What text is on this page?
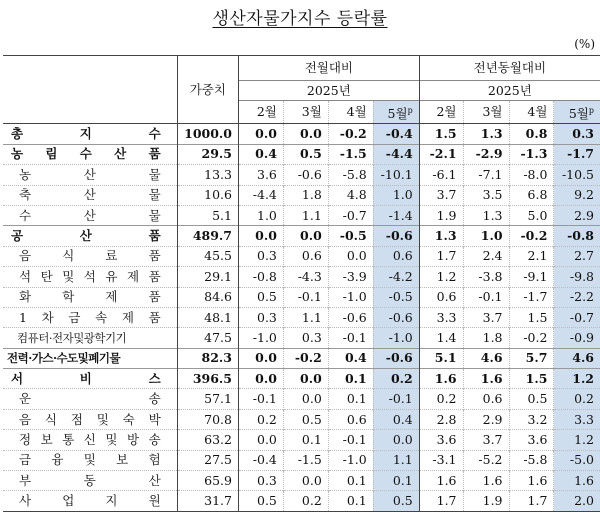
생산자물가지수 등락률
(%)
	가중치	전월대비				전년동월대비			
		2025년				2025년			
		2월	3월	4월	5월$^p$	2월	3월	4월	5월$^p$
총 지 수	1000.0	0.0	0.0	-0.2	-0.4	1.5	1.3	0.8	0.3
농 림 수 산 품	29.5	0.4	0.5	-1.5	-4.4	-2.1	-2.9	-1.3	-1.7
농 산 물	13.3	3.6	-0.6	-5.8	-10.1	-6.1	-7.1	-8.0	-10.5
축 산 물	10.6	-4.4	1.8	4.8	1.0	3.7	3.5	6.8	9.2
수 산 물	5.1	1.0	1.1	-0.7	-1.4	1.9	1.3	5.0	2.9
공 산 품	489.7	0.0	0.0	-0.5	-0.6	1.3	1.0	-0.2	-0.8
음 식 료 품	45.5	0.3	0.6	0.0	0.6	1.7	2.4	2.1	2.7
석 탄 및 석 유 제 품	29.1	-0.8	-4.3	-3.9	-4.2	1.2	-3.8	-9.1	-9.8
화 학 제 품	84.6	0.5	-0.1	-1.0	-0.5	0.6	-0.1	-1.7	-2.2
1 차 금 속 제 품	48.1	0.3	1.1	-0.6	-0.6	3.3	3.7	1.5	-0.7
컴퓨터·전자및광학기기	47.5	-1.0	0.3	-0.1	-1.0	1.4	1.8	-0.2	-0.9
전력·가스·수도및폐기물	82.3	0.0	-0.2	0.4	-0.6	5.1	4.6	5.7	4.6
서 비 스	396.5	0.0	0.0	0.1	0.2	1.6	1.6	1.5	1.2
운 송	57.1	-0.1	0.0	0.1	-0.1	0.2	0.6	0.5	0.2
음 식 점 및 숙 박	70.8	0.2	0.5	0.6	0.4	2.8	2.9	3.2	3.3
정 보 통 신 및 방 송	63.2	0.0	0.1	-0.1	0.0	3.6	3.7	3.6	1.2
금 융 및 보 험	27.5	-0.4	-1.5	-1.0	1.1	-3.1	-5.2	-5.8	-5.0
부 동 산	65.9	0.3	0.0	0.1	0.1	1.6	1.6	1.6	1.6
사 업 지 원	31.7	0.5	0.2	0.1	0.5	1.7	1.9	1.7	2.0
